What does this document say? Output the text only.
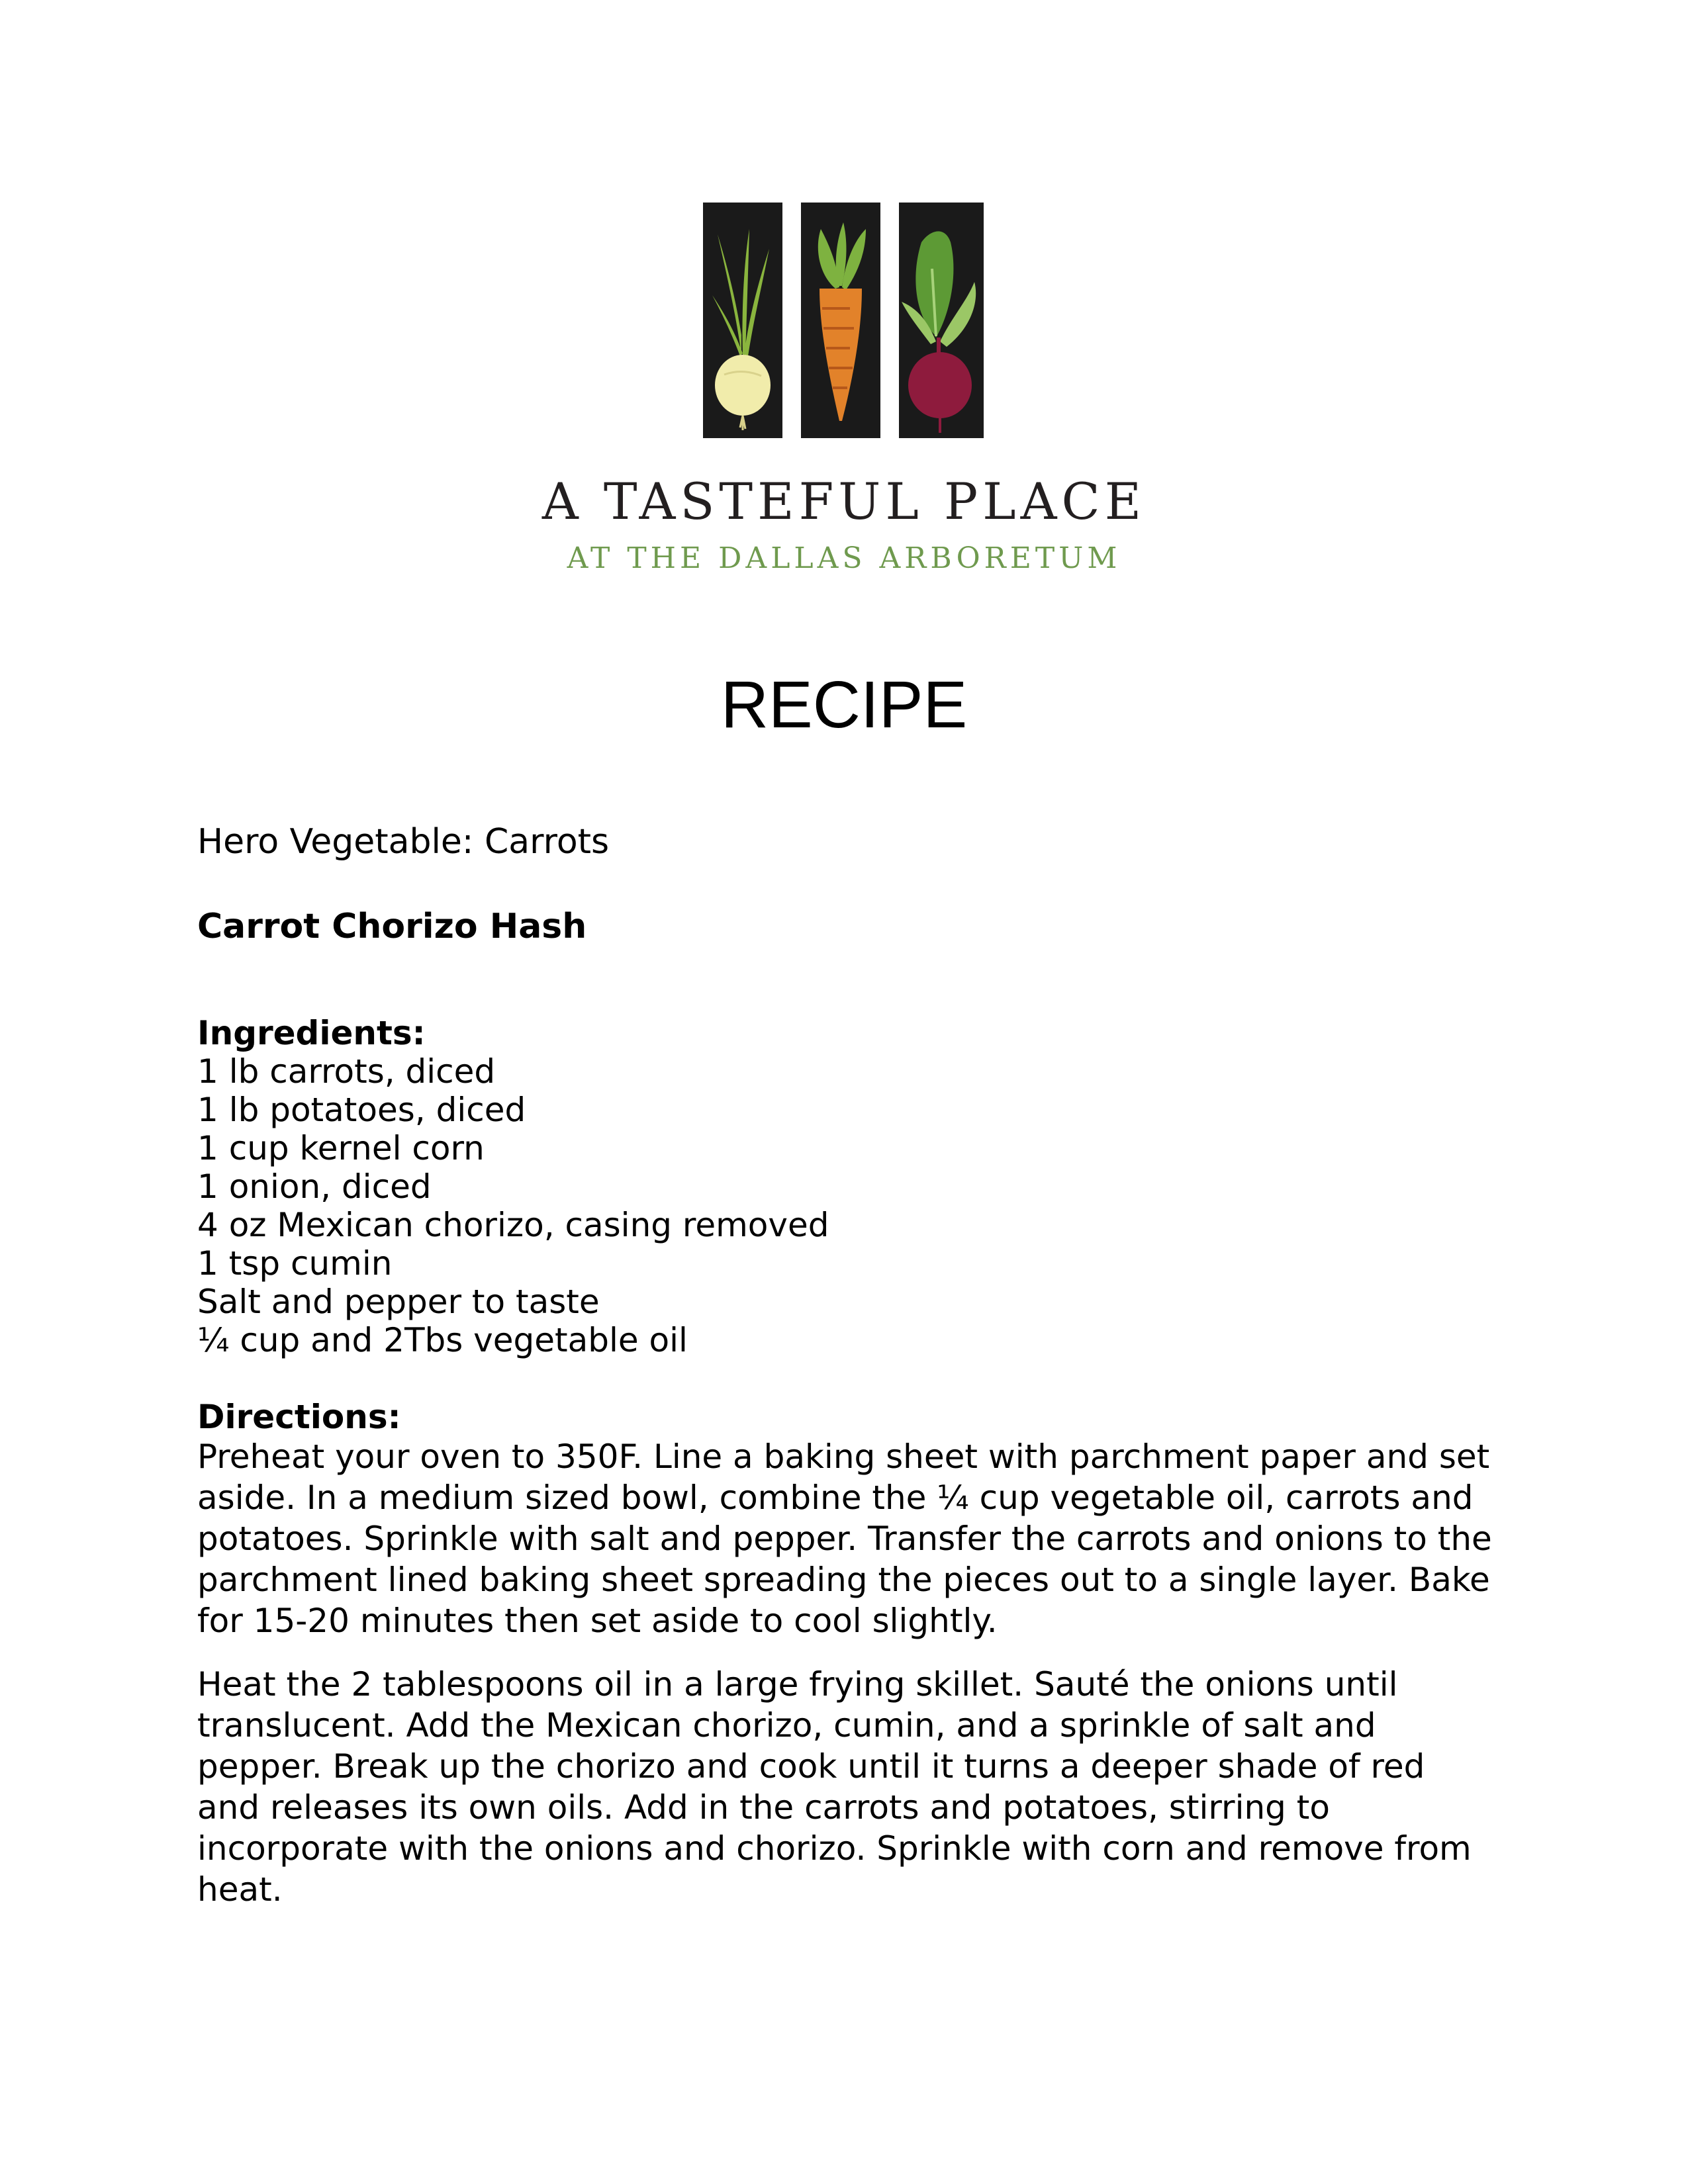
A TASTEFUL PLACE
AT THE DALLAS ARBORETUM
RECIPE

Hero Vegetable: Carrots

Carrot Chorizo Hash
Ingredients:
1 lb carrots, diced
1 lb potatoes, diced
1 cup kernel corn
1 onion, diced
4 oz Mexican chorizo, casing removed
1 tsp cumin
Salt and pepper to taste
¼ cup and 2Tbs vegetable oil
Directions:

Preheat your oven to 350F. Line a baking sheet with parchment paper and set aside. In a medium sized bowl, combine the ¼ cup vegetable oil, carrots and potatoes. Sprinkle with salt and pepper. Transfer the carrots and onions to the parchment lined baking sheet spreading the pieces out to a single layer. Bake for 15-20 minutes then set aside to cool slightly.

Heat the 2 tablespoons oil in a large frying skillet. Sauté the onions until translucent. Add the Mexican chorizo, cumin, and a sprinkle of salt and pepper. Break up the chorizo and cook until it turns a deeper shade of red and releases its own oils. Add in the carrots and potatoes, stirring to incorporate with the onions and chorizo. Sprinkle with corn and remove from heat.
